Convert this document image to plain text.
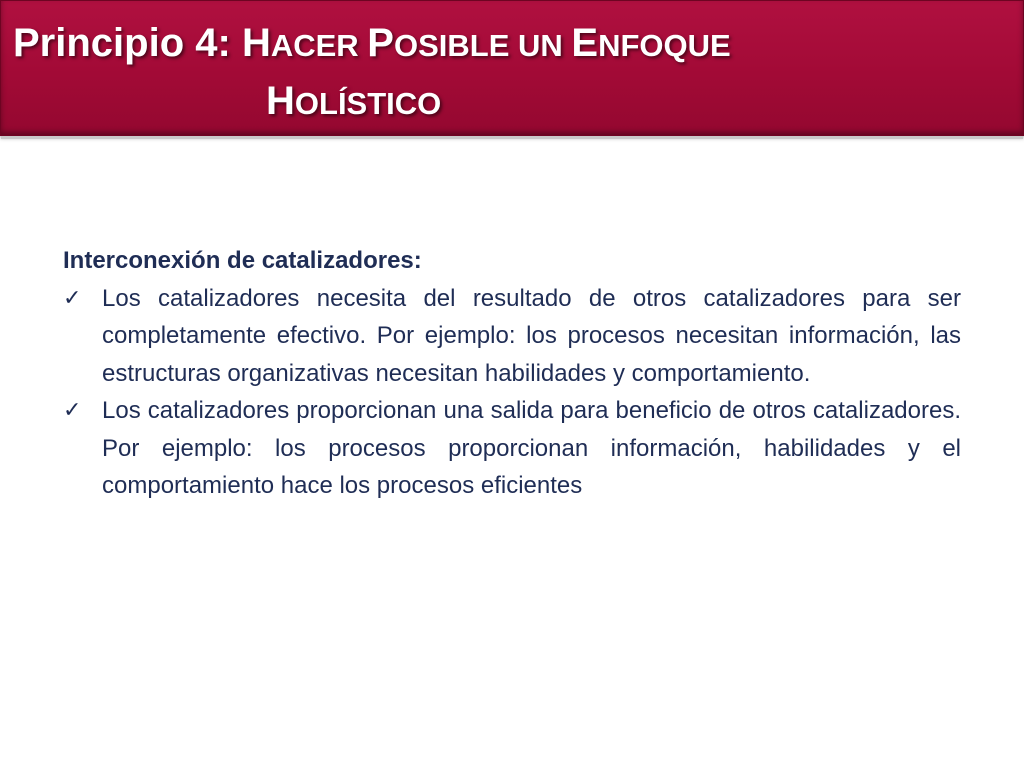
Principio 4: HACER POSIBLE UN ENFOQUE
HOLÍSTICO

Interconexión de catalizadores:

✓ Los catalizadores necesita del resultado de otros catalizadores para ser completamente efectivo. Por ejemplo: los procesos necesitan información, las estructuras organizativas necesitan habilidades y comportamiento.
✓ Los catalizadores proporcionan una salida para beneficio de otros catalizadores. Por ejemplo: los procesos proporcionan información, habilidades y el comportamiento hace los procesos eficientes
